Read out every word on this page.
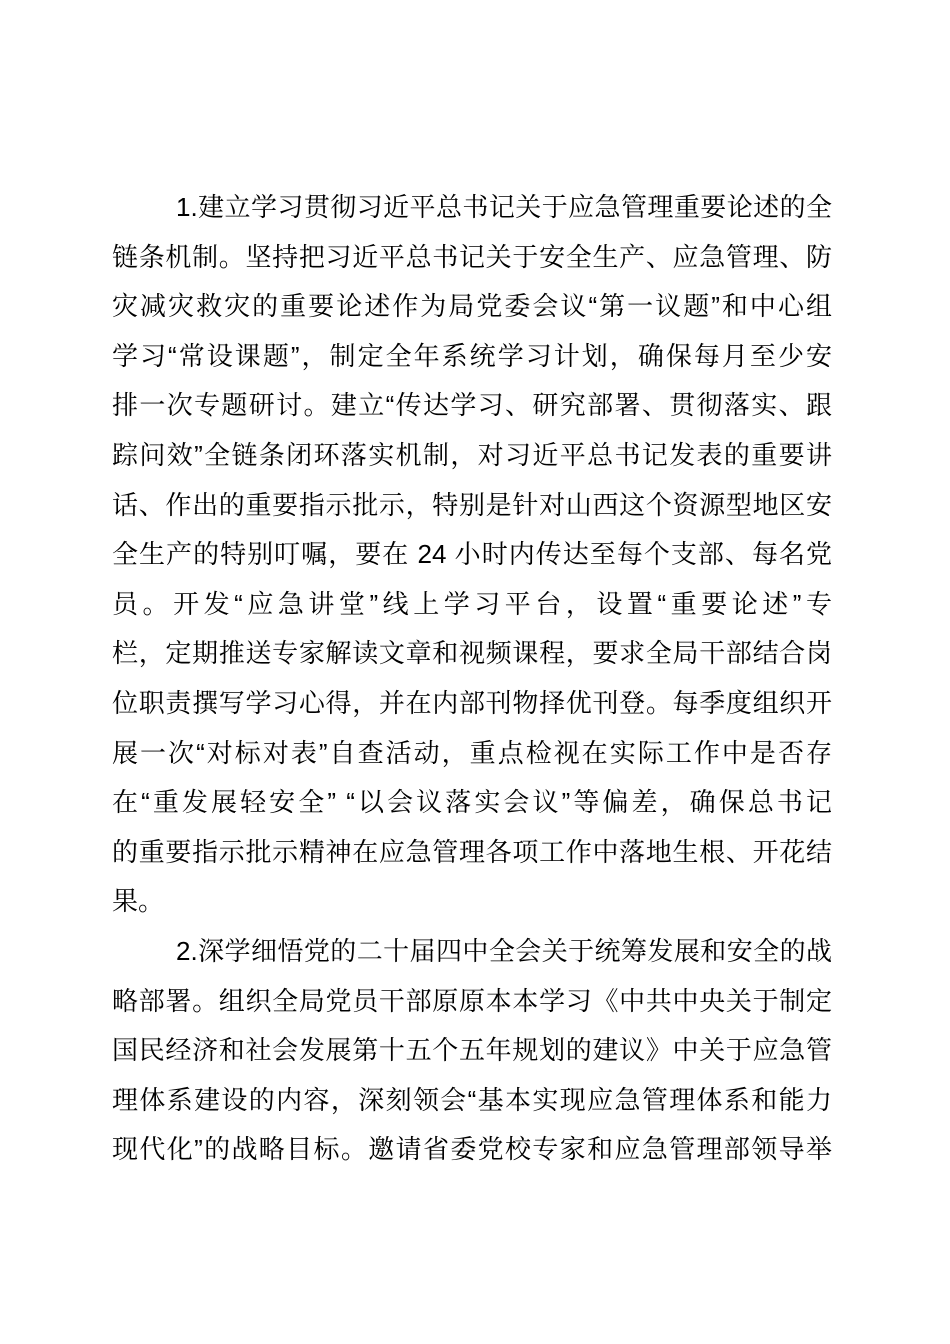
1.建立学习贯彻习近平总书记关于应急管理重要论述的全
链条机制。坚持把习近平总书记关于安全生产、应急管理、防
灾减灾救灾的重要论述作为局党委会议“第一议题”和中心组
学习“常设课题”，制定全年系统学习计划，确保每月至少安
排一次专题研讨。建立“传达学习、研究部署、贯彻落实、跟
踪问效”全链条闭环落实机制，对习近平总书记发表的重要讲
话、作出的重要指示批示，特别是针对山西这个资源型地区安
全生产的特别叮嘱，要在 24 小时内传达至每个支部、每名党
员。开发“应急讲堂”线上学习平台，设置“重要论述”专
栏，定期推送专家解读文章和视频课程，要求全局干部结合岗
位职责撰写学习心得，并在内部刊物择优刊登。每季度组织开
展一次“对标对表”自查活动，重点检视在实际工作中是否存
在“重发展轻安全” “以会议落实会议”等偏差，确保总书记
的重要指示批示精神在应急管理各项工作中落地生根、开花结
果。
2.深学细悟党的二十届四中全会关于统筹发展和安全的战
略部署。组织全局党员干部原原本本学习《中共中央关于制定
国民经济和社会发展第十五个五年规划的建议》中关于应急管
理体系建设的内容，深刻领会“基本实现应急管理体系和能力
现代化”的战略目标。邀请省委党校专家和应急管理部领导举
